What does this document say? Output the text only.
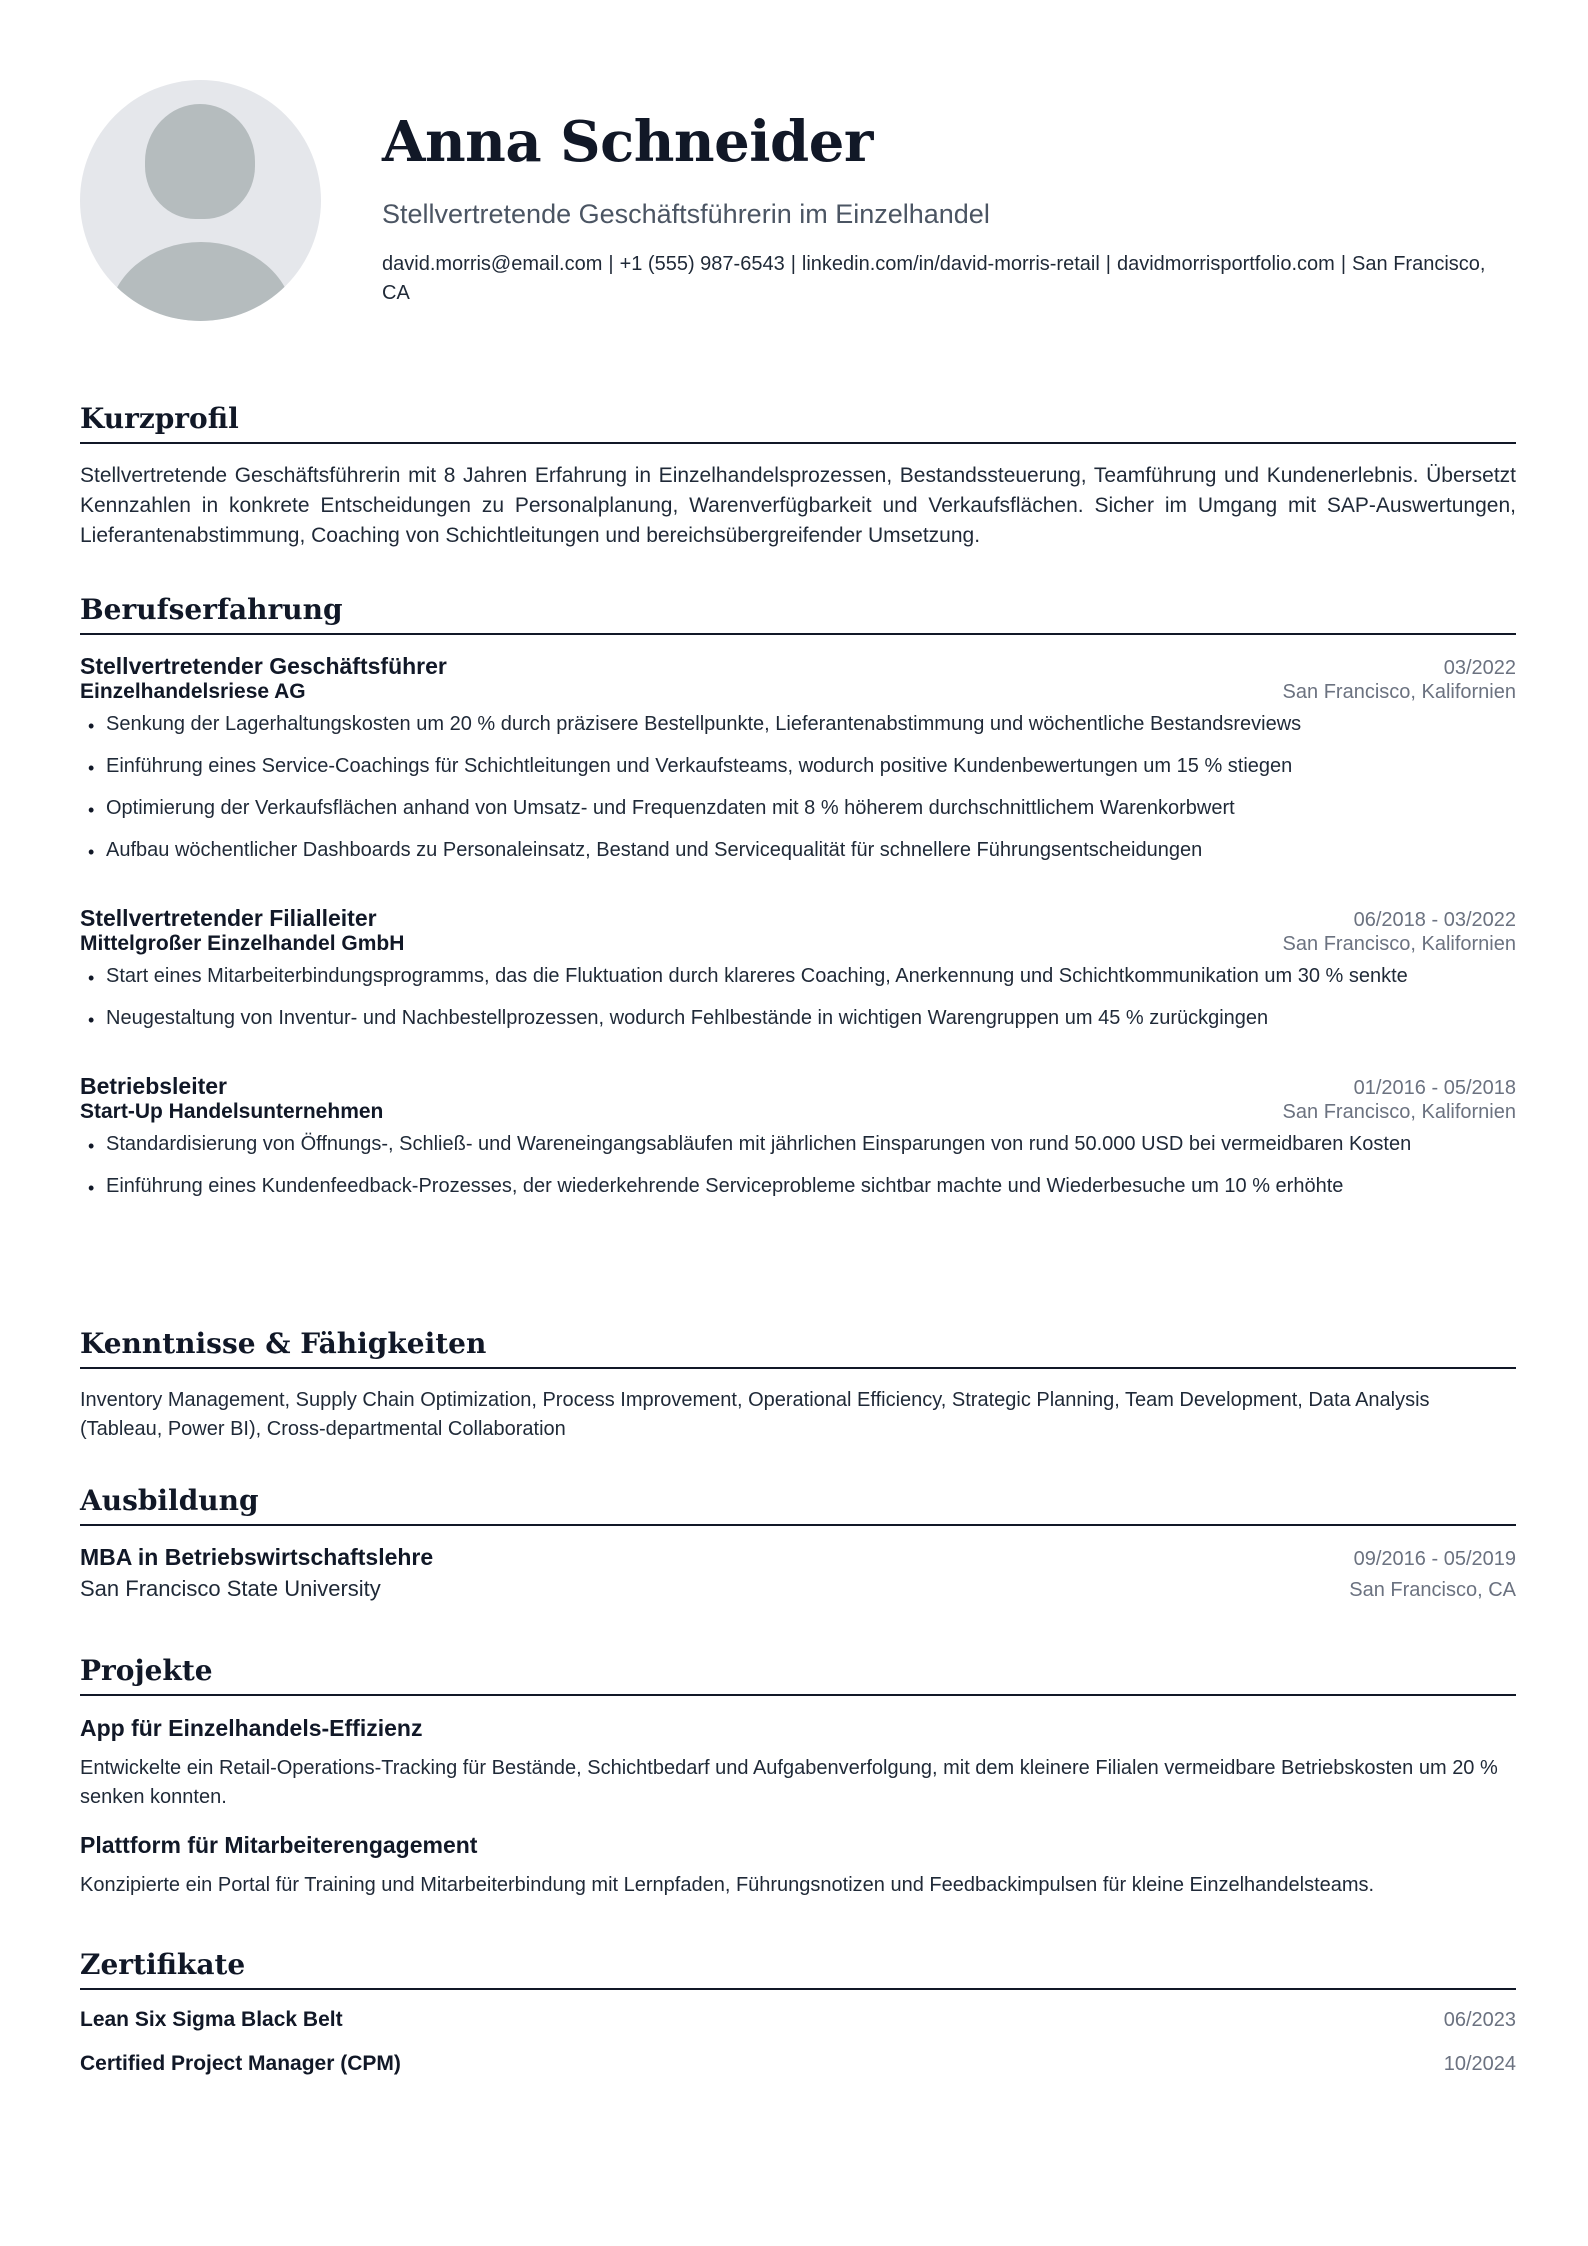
Anna Schneider
Stellvertretende Geschäftsführerin im Einzelhandel
david.morris@email.com | +1 (555) 987-6543 | linkedin.com/in/david-morris-retail | davidmorrisportfolio.com | San Francisco, CA
Kurzprofil
Stellvertretende Geschäftsführerin mit 8 Jahren Erfahrung in Einzelhandelsprozessen, Bestandssteuerung, Teamführung und Kundenerlebnis. Übersetzt Kennzahlen in konkrete Entscheidungen zu Personalplanung, Warenverfügbarkeit und Verkaufsflächen. Sicher im Umgang mit SAP-Auswertungen, Lieferantenabstimmung, Coaching von Schichtleitungen und bereichsübergreifender Umsetzung.
Berufserfahrung
Stellvertretender Geschäftsführer	03/2022
Einzelhandelsriese AG	San Francisco, Kalifornien
• Senkung der Lagerhaltungskosten um 20 % durch präzisere Bestellpunkte, Lieferantenabstimmung und wöchentliche Bestandsreviews
• Einführung eines Service-Coachings für Schichtleitungen und Verkaufsteams, wodurch positive Kundenbewertungen um 15 % stiegen
• Optimierung der Verkaufsflächen anhand von Umsatz- und Frequenzdaten mit 8 % höherem durchschnittlichem Warenkorbwert
• Aufbau wöchentlicher Dashboards zu Personaleinsatz, Bestand und Servicequalität für schnellere Führungsentscheidungen
Stellvertretender Filialleiter	06/2018 - 03/2022
Mittelgroßer Einzelhandel GmbH	San Francisco, Kalifornien
• Start eines Mitarbeiterbindungsprogramms, das die Fluktuation durch klareres Coaching, Anerkennung und Schichtkommunikation um 30 % senkte
• Neugestaltung von Inventur- und Nachbestellprozessen, wodurch Fehlbestände in wichtigen Warengruppen um 45 % zurückgingen
Betriebsleiter	01/2016 - 05/2018
Start-Up Handelsunternehmen	San Francisco, Kalifornien
• Standardisierung von Öffnungs-, Schließ- und Wareneingangsabläufen mit jährlichen Einsparungen von rund 50.000 USD bei vermeidbaren Kosten
• Einführung eines Kundenfeedback-Prozesses, der wiederkehrende Serviceprobleme sichtbar machte und Wiederbesuche um 10 % erhöhte
Kenntnisse & Fähigkeiten
Inventory Management, Supply Chain Optimization, Process Improvement, Operational Efficiency, Strategic Planning, Team Development, Data Analysis (Tableau, Power BI), Cross-departmental Collaboration
Ausbildung
MBA in Betriebswirtschaftslehre	09/2016 - 05/2019
San Francisco State University	San Francisco, CA
Projekte
App für Einzelhandels-Effizienz
Entwickelte ein Retail-Operations-Tracking für Bestände, Schichtbedarf und Aufgabenverfolgung, mit dem kleinere Filialen vermeidbare Betriebskosten um 20 % senken konnten.
Plattform für Mitarbeiterengagement
Konzipierte ein Portal für Training und Mitarbeiterbindung mit Lernpfaden, Führungsnotizen und Feedbackimpulsen für kleine Einzelhandelsteams.
Zertifikate
Lean Six Sigma Black Belt	06/2023
Certified Project Manager (CPM)	10/2024
